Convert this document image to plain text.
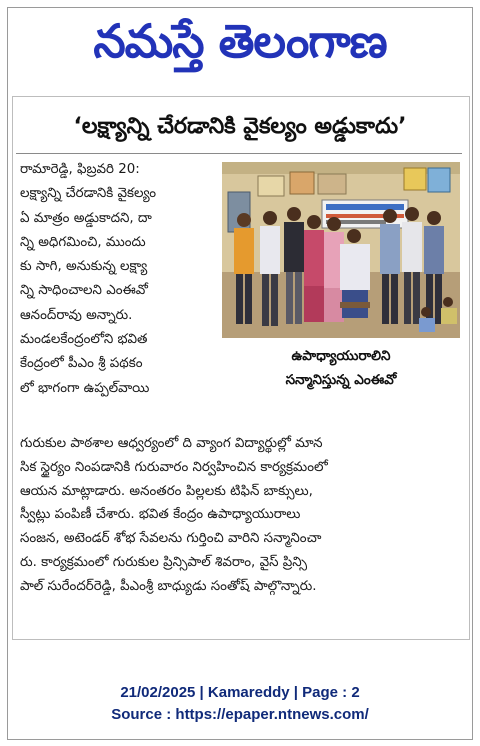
నమస్తే తెలంగాణ
‘లక్ష్యాన్ని చేరడానికి వైకల్యం అడ్డుకాదు’
రామారెడ్డి, ఫిబ్రవరి 20:
లక్ష్యాన్ని చేరడానికి వైకల్యం
ఏ మాత్రం అడ్డుకాదని, దా
న్ని అధిగమించి, ముందు
కు సాగి, అనుకున్న లక్ష్యా
న్ని సాధించాలని ఎంఈవో
ఆనంద్‌రావు అన్నారు.
మండలకేంద్రంలోని భవిత
కేంద్రంలో పీఎం శ్రీ పథకం
లో భాగంగా ఉప్పల్‌వాయి
ఉపాధ్యాయురాలిని
సన్మానిస్తున్న ఎంఈవో
గురుకుల పాఠశాల ఆధ్వర్యంలో ది వ్యాంగ విద్యార్థుల్లో మాన
సిక స్థైర్యం నింపడానికి గురువారం నిర్వహించిన కార్యక్రమంలో
ఆయన మాట్లాడారు. అనంతరం పిల్లలకు టిఫిన్ బాక్సులు,
స్వీట్లు పంపిణీ చేశారు. భవిత కేంద్రం ఉపాధ్యాయురాలు
సంజన, అటెండర్ శోభ సేవలను గుర్తించి వారిని సన్మానించా
రు. కార్యక్రమంలో గురుకుల ప్రిన్సిపాల్ శివరాం, వైస్ ప్రిన్సి
పాల్ సురేందర్‌రెడ్డి, పీఎంశ్రీ బాధ్యుడు సంతోష్ పాల్గొన్నారు.
21/02/2025 | Kamareddy | Page : 2
Source : https://epaper.ntnews.com/
